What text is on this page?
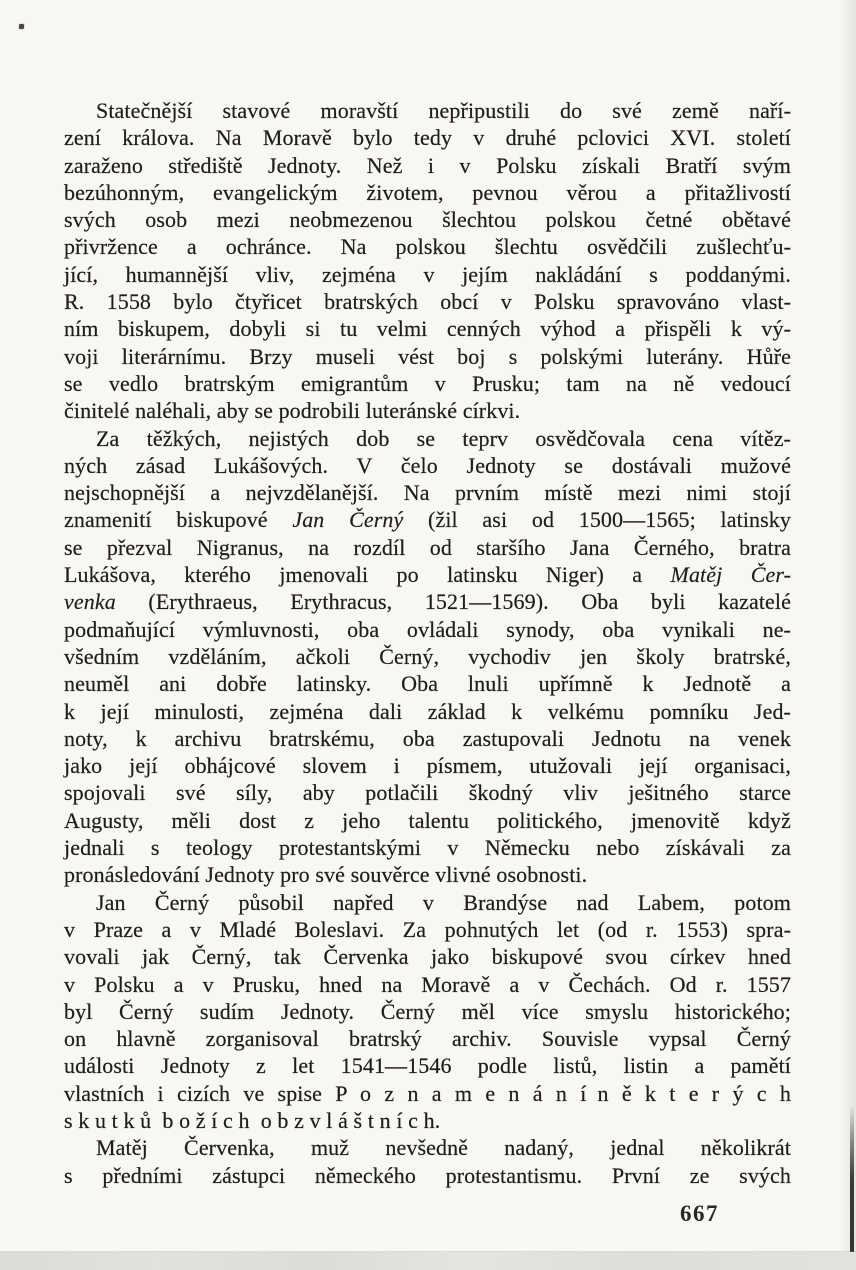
Statečnější stavové moravští nepřipustili do své země naří-
zení králova. Na Moravě bylo tedy v druhé pclovici XVI. století
zaraženo střediště Jednoty. Než i v Polsku získali Bratří svým
bezúhonným, evangelickým životem, pevnou věrou a přitažlivostí
svých osob mezi neobmezenou šlechtou polskou četné obětavé
přivržence a ochránce. Na polskou šlechtu osvědčili zušlechťu-
jící, humannější vliv, zejména v jejím nakládání s poddanými.
R. 1558 bylo čtyřicet bratrských obcí v Polsku spravováno vlast-
ním biskupem, dobyli si tu velmi cenných výhod a přispěli k vý-
voji literárnímu. Brzy museli vést boj s polskými luterány. Hůře
se vedlo bratrským emigrantům v Prusku; tam na ně vedoucí
činitelé naléhali, aby se podrobili luteránské církvi.
Za těžkých, nejistých dob se teprv osvědčovala cena vítěz-
ných zásad Lukášových. V čelo Jednoty se dostávali mužové
nejschopnější a nejvzdělanější. Na prvním místě mezi nimi stojí
znamenití biskupové Jan Černý (žil asi od 1500—1565; latinsky
se přezval Nigranus, na rozdíl od staršího Jana Černého, bratra
Lukášova, kterého jmenovali po latinsku Niger) a Matěj Čer-
venka (Erythraeus, Erythracus, 1521—1569). Oba byli kazatelé
podmaňující výmluvnosti, oba ovládali synody, oba vynikali ne-
všedním vzděláním, ačkoli Černý, vychodiv jen školy bratrské,
neuměl ani dobře latinsky. Oba lnuli upřímně k Jednotě a
k její minulosti, zejména dali základ k velkému pomníku Jed-
noty, k archivu bratrskému, oba zastupovali Jednotu na venek
jako její obhájcové slovem i písmem, utužovali její organisaci,
spojovali své síly, aby potlačili škodný vliv ješitného starce
Augusty, měli dost z jeho talentu politického, jmenovitě když
jednali s teology protestantskými v Německu nebo získávali za
pronásledování Jednoty pro své souvěrce vlivné osobnosti.
Jan Černý působil napřed v Brandýse nad Labem, potom
v Praze a v Mladé Boleslavi. Za pohnutých let (od r. 1553) spra-
vovali jak Černý, tak Červenka jako biskupové svou církev hned
v Polsku a v Prusku, hned na Moravě a v Čechách. Od r. 1557
byl Černý sudím Jednoty. Černý měl více smyslu historického;
on hlavně zorganisoval bratrský archiv. Souvisle vypsal Černý
události Jednoty z let 1541—1546 podle listů, listin a pamětí
vlastních i cizích ve spise P o z n a m e n á n í n ě k t e r ý c h
s k u t k ů b o ž í c h o b z v l á š t n í c h.
Matěj Červenka, muž nevšedně nadaný, jednal několikrát
s předními zástupci německého protestantismu. První ze svých
667
